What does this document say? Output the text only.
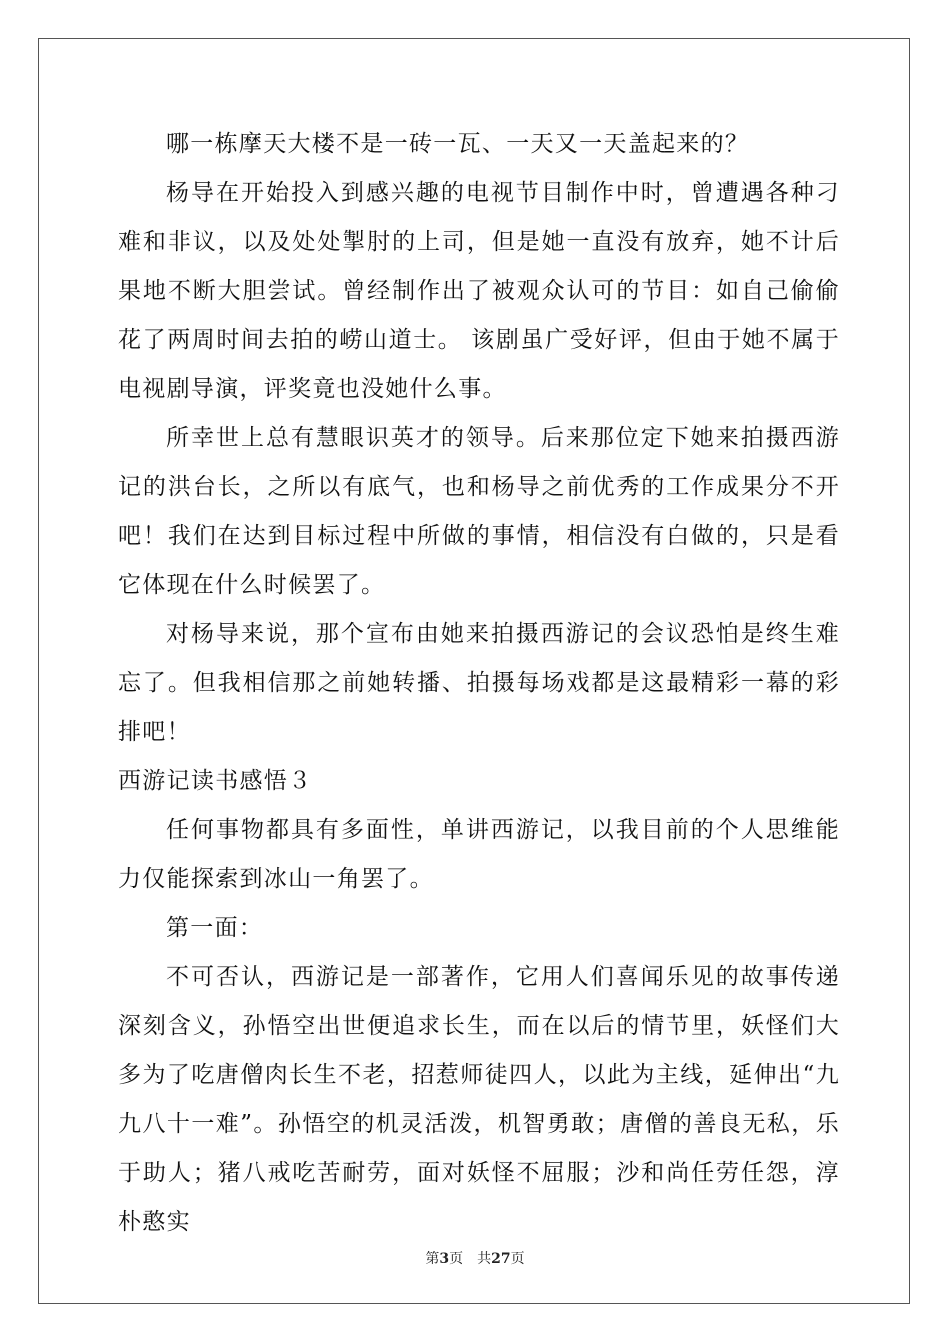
哪一栋摩天大楼不是一砖一瓦、一天又一天盖起来的？

杨导在开始投入到感兴趣的电视节目制作中时，曾遭遇各种刁难和非议，以及处处掣肘的上司，但是她一直没有放弃，她不计后果地不断大胆尝试。曾经制作出了被观众认可的节目：如自己偷偷花了两周时间去拍的崂山道士。 该剧虽广受好评，但由于她不属于电视剧导演，评奖竟也没她什么事。

所幸世上总有慧眼识英才的领导。后来那位定下她来拍摄西游记的洪台长，之所以有底气，也和杨导之前优秀的工作成果分不开吧！我们在达到目标过程中所做的事情，相信没有白做的，只是看它体现在什么时候罢了。

对杨导来说，那个宣布由她来拍摄西游记的会议恐怕是终生难忘了。但我相信那之前她转播、拍摄每场戏都是这最精彩一幕的彩排吧！

西游记读书感悟３

任何事物都具有多面性，单讲西游记，以我目前的个人思维能力仅能探索到冰山一角罢了。

第一面：

不可否认，西游记是一部著作，它用人们喜闻乐见的故事传递深刻含义，孙悟空出世便追求长生，而在以后的情节里，妖怪们大多为了吃唐僧肉长生不老，招惹师徒四人，以此为主线，延伸出“九九八十一难”。孙悟空的机灵活泼，机智勇敢；唐僧的善良无私，乐于助人；猪八戒吃苦耐劳，面对妖怪不屈服；沙和尚任劳任怨，淳朴憨实

第3页 共27页
